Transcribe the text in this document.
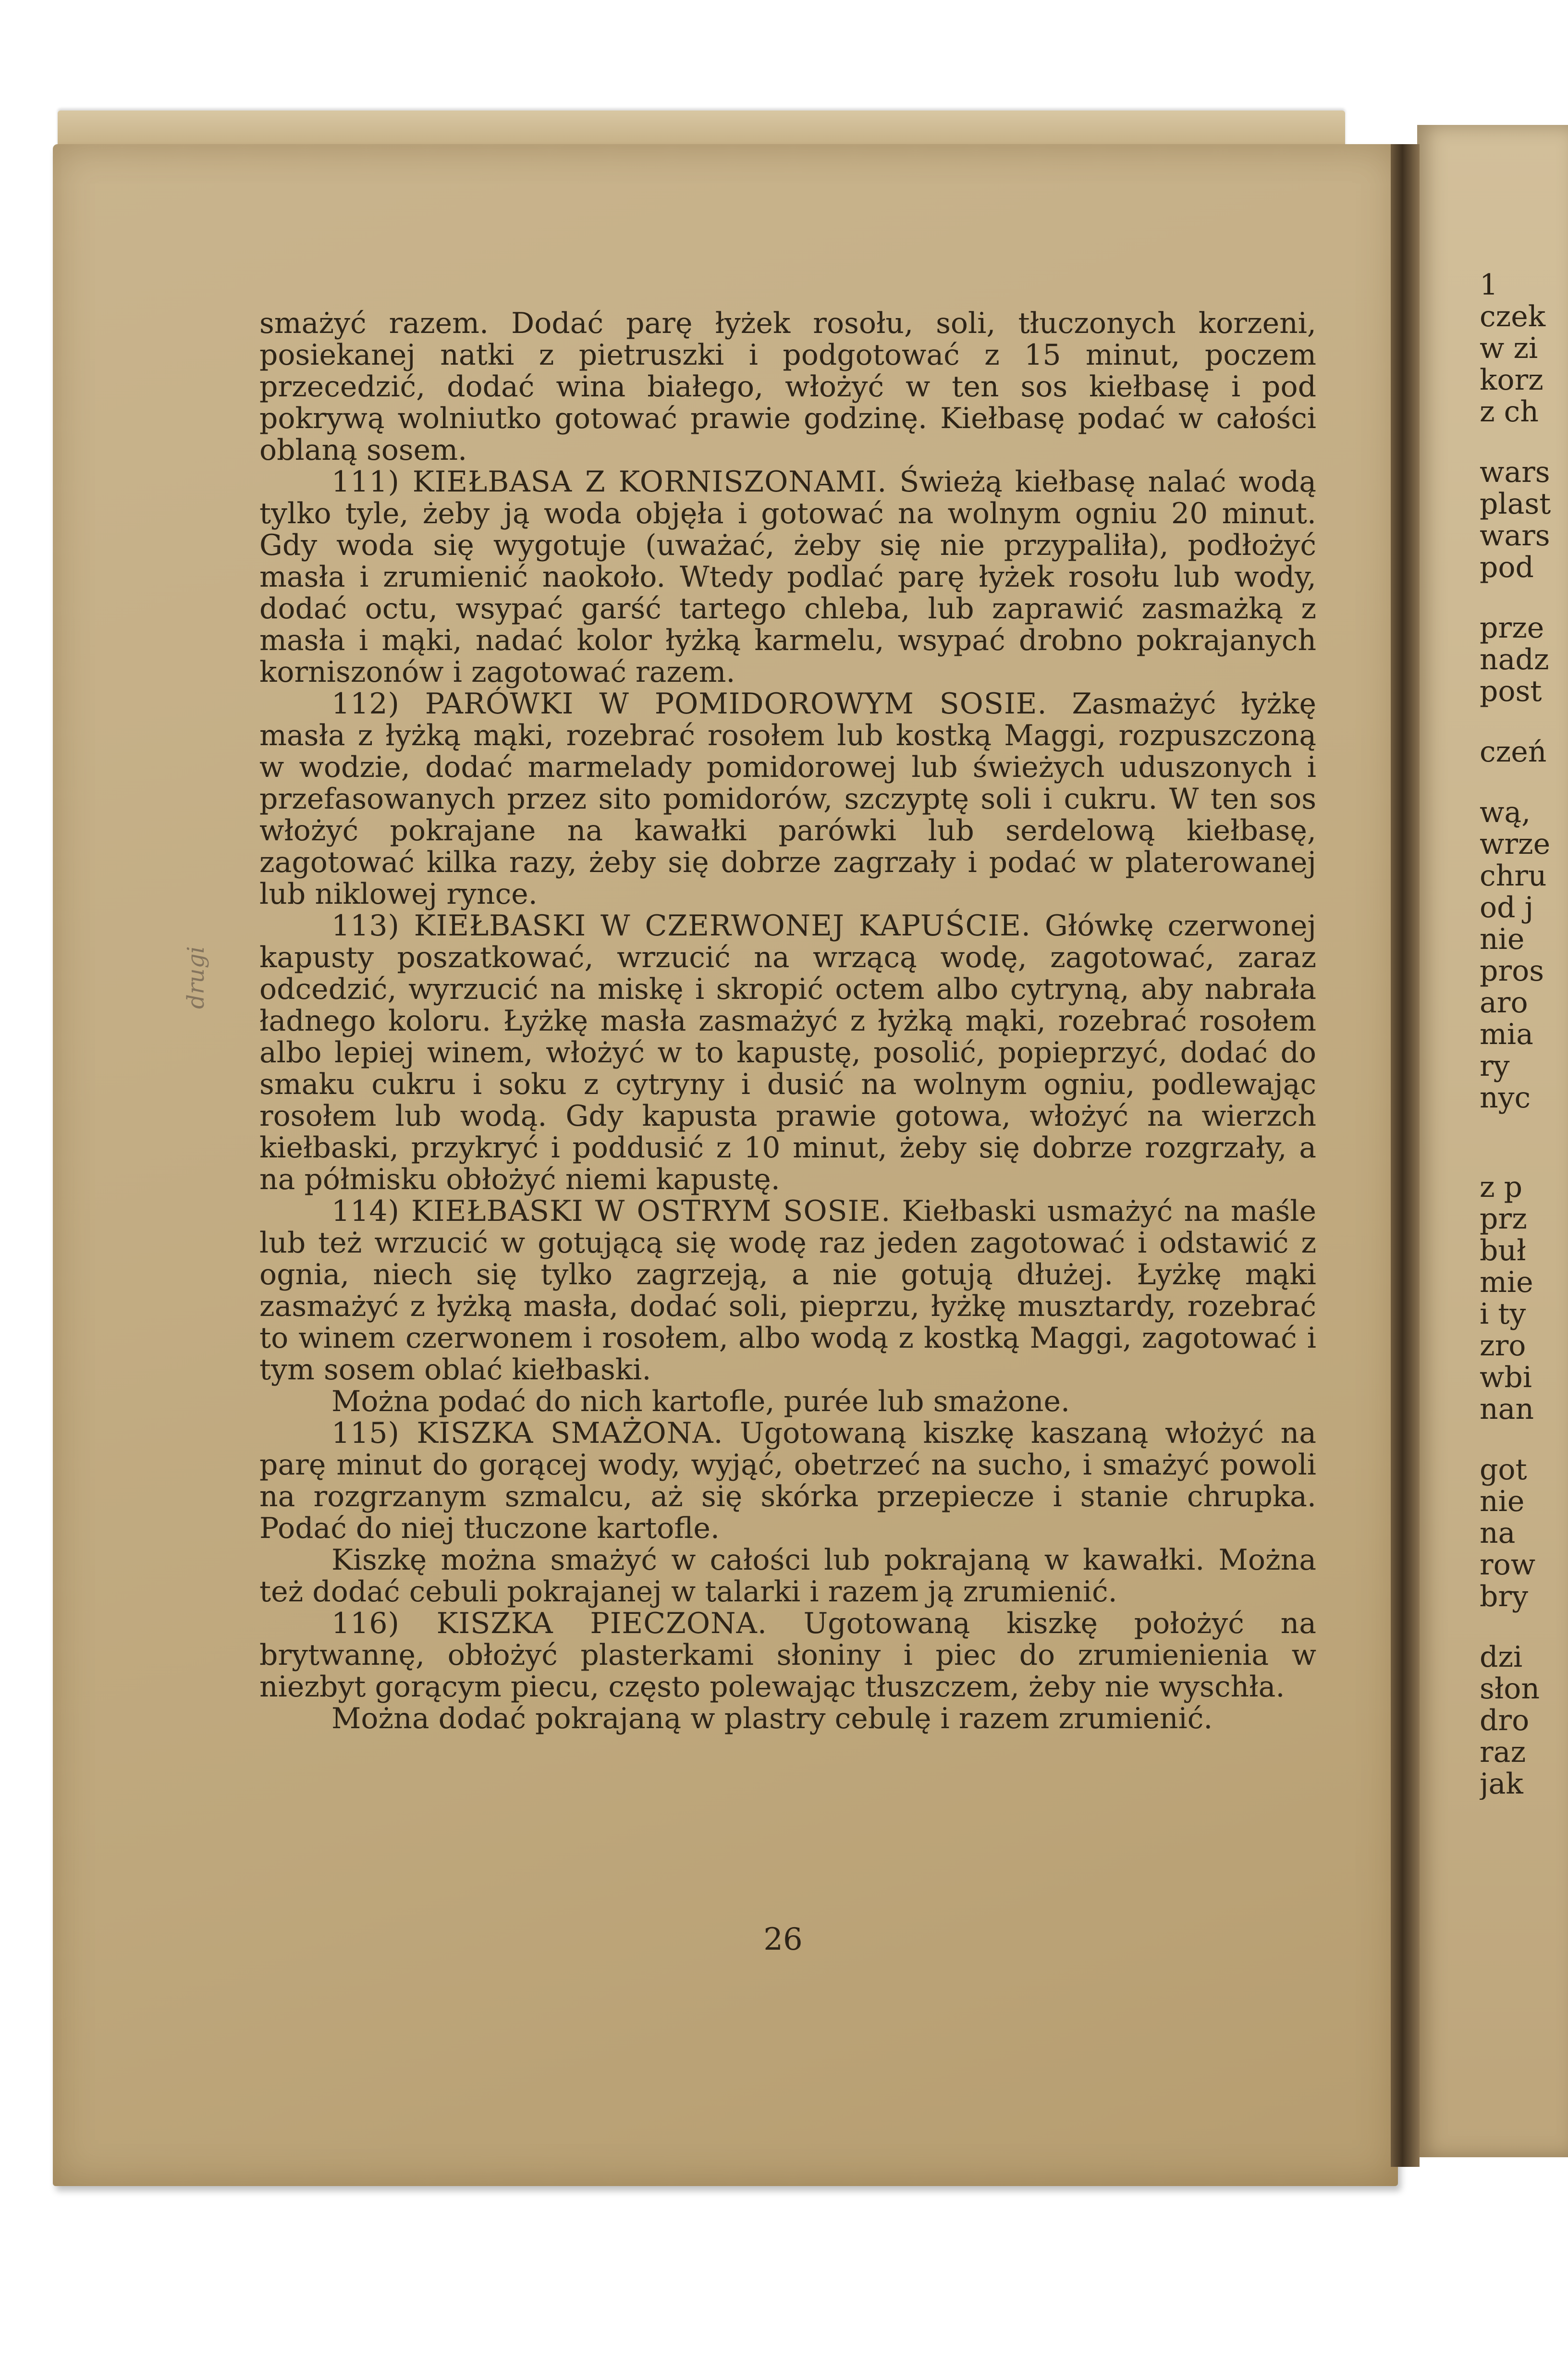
drugi

smażyć razem. Dodać parę łyżek rosołu, soli, tłuczonych korzeni, posiekanej natki z pietruszki i podgotować z 15 minut, poczem przecedzić, dodać wina białego, włożyć w ten sos kiełbasę i pod pokrywą wolniutko gotować prawie godzinę. Kiełbasę podać w całości oblaną sosem.

111) KIEŁBASA Z KORNISZONAMI. Świeżą kiełbasę nalać wodą tylko tyle, żeby ją woda objęła i gotować na wolnym ogniu 20 minut. Gdy woda się wygotuje (uważać, żeby się nie przypaliła), podłożyć masła i zrumienić naokoło. Wtedy podlać parę łyżek rosołu lub wody, dodać octu, wsypać garść tartego chleba, lub zaprawić zasmażką z masła i mąki, nadać kolor łyżką karmelu, wsypać drobno pokrajanych korniszonów i zagotować razem.

112) PARÓWKI W POMIDOROWYM SOSIE. Zasmażyć łyżkę masła z łyżką mąki, rozebrać rosołem lub kostką Maggi, rozpuszczoną w wodzie, dodać marmelady pomidorowej lub świeżych uduszonych i przefasowanych przez sito pomidorów, szczyptę soli i cukru. W ten sos włożyć pokrajane na kawałki parówki lub serdelową kiełbasę, zagotować kilka razy, żeby się dobrze zagrzały i podać w platerowanej lub niklowej rynce.

113) KIEŁBASKI W CZERWONEJ KAPUŚCIE. Główkę czerwonej kapusty poszatkować, wrzucić na wrzącą wodę, zagotować, zaraz odcedzić, wyrzucić na miskę i skropić octem albo cytryną, aby nabrała ładnego koloru. Łyżkę masła zasmażyć z łyżką mąki, rozebrać rosołem albo lepiej winem, włożyć w to kapustę, posolić, popieprzyć, dodać do smaku cukru i soku z cytryny i dusić na wolnym ogniu, podlewając rosołem lub wodą. Gdy kapusta prawie gotowa, włożyć na wierzch kiełbaski, przykryć i poddusić z 10 minut, żeby się dobrze rozgrzały, a na półmisku obłożyć niemi kapustę.

114) KIEŁBASKI W OSTRYM SOSIE. Kiełbaski usmażyć na maśle lub też wrzucić w gotującą się wodę raz jeden zagotować i odstawić z ognia, niech się tylko zagrzeją, a nie gotują dłużej. Łyżkę mąki zasmażyć z łyżką masła, dodać soli, pieprzu, łyżkę musztardy, rozebrać to winem czerwonem i rosołem, albo wodą z kostką Maggi, zagotować i tym sosem oblać kiełbaski.

Można podać do nich kartofle, purée lub smażone.

115) KISZKA SMAŻONA. Ugotowaną kiszkę kaszaną włożyć na parę minut do gorącej wody, wyjąć, obetrzeć na sucho, i smażyć powoli na rozgrzanym szmalcu, aż się skórka przepiecze i stanie chrupka. Podać do niej tłuczone kartofle.

Kiszkę można smażyć w całości lub pokrajaną w kawałki. Można też dodać cebuli pokrajanej w talarki i razem ją zrumienić.

116) KISZKA PIECZONA. Ugotowaną kiszkę położyć na brytwannę, obłożyć plasterkami słoniny i piec do zrumienienia w niezbyt gorącym piecu, często polewając tłuszczem, żeby nie wyschła.

Można dodać pokrajaną w plastry cebulę i razem zrumienić.

26
1
czek
w zi
korz
z ch
wars
plast
wars
pod
prze
nadz
post
czeń
wą,
wrze
chru
od j
nie
pros
aro
mia
ry
nyc
z p
prz
buł
mie
i ty
zro
wbi
nan
got
nie
na
row
bry
dzi
słon
dro
raz
jak
